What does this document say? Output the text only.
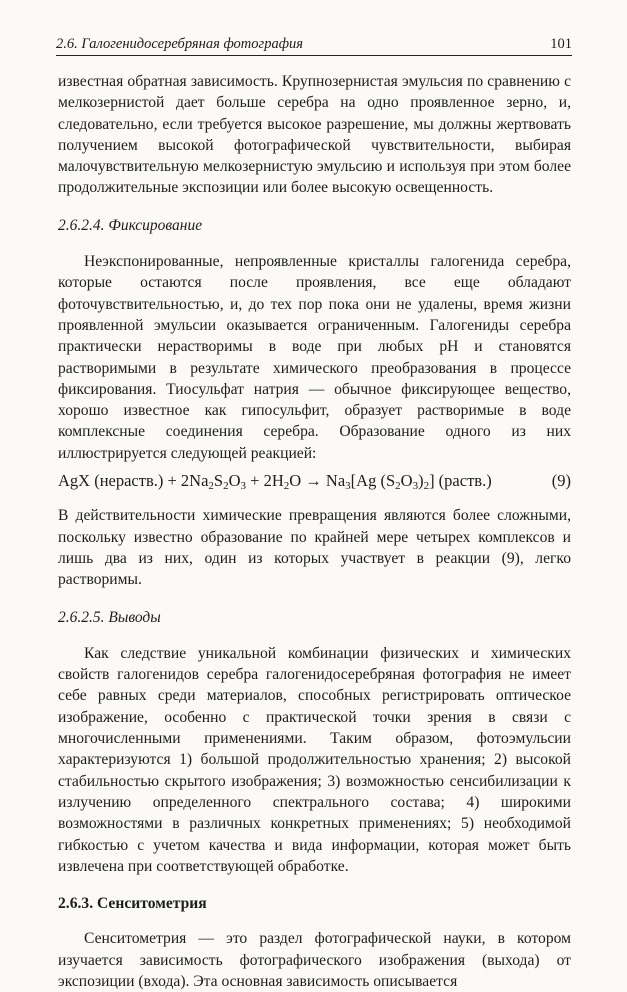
2.6. Галогенидосеребряная фотография	101

известная обратная зависимость. Крупнозернистая эмульсия по сравнению с мелкозернистой дает больше серебра на одно проявленное зерно, и, следовательно, если требуется высокое разрешение, мы должны жертвовать получением высокой фотографической чувствительности, выбирая малочувствительную мелкозернистую эмульсию и используя при этом более продолжительные экспозиции или более высокую освещенность.

2.6.2.4. Фиксирование

Неэкспонированные, непроявленные кристаллы галогенида серебра, которые остаются после проявления, все еще обладают фоточувствительностью, и, до тех пор пока они не удалены, время жизни проявленной эмульсии оказывается ограниченным. Галогениды серебра практически нерастворимы в воде при любых pH и становятся растворимыми в результате химического преобразования в процессе фиксирования. Тиосульфат натрия — обычное фиксирующее вещество, хорошо известное как гипосульфит, образует растворимые в воде комплексные соединения серебра. Образование одного из них иллюстрируется следующей реакцией:

AgX (нераств.) + $2Na_2S_2O_3 + 2H_2O \to Na_3[Ag$ $(S_2O_3)_2$] (раств.)	(9)

В действительности химические превращения являются более сложными, поскольку известно образование по крайней мере четырех комплексов и лишь два из них, один из которых участвует в реакции (9), легко растворимы.

2.6.2.5. Выводы

Как следствие уникальной комбинации физических и химических свойств галогенидов серебра галогенидосеребряная фотография не имеет себе равных среди материалов, способных регистрировать оптическое изображение, особенно с практической точки зрения в связи с многочисленными применениями. Таким образом, фотоэмульсии характеризуются 1) большой продолжительностью хранения; 2) высокой стабильностью скрытого изображения; 3) возможностью сенсибилизации к излучению определенного спектрального состава; 4) широкими возможностями в различных конкретных применениях; 5) необходимой гибкостью с учетом качества и вида информации, которая может быть извлечена при соответствующей обработке.

2.6.3. Сенситометрия

Сенситометрия — это раздел фотографической науки, в котором изучается зависимость фотографического изображения (выхода) от экспозиции (входа). Эта основная зависимость описывается
